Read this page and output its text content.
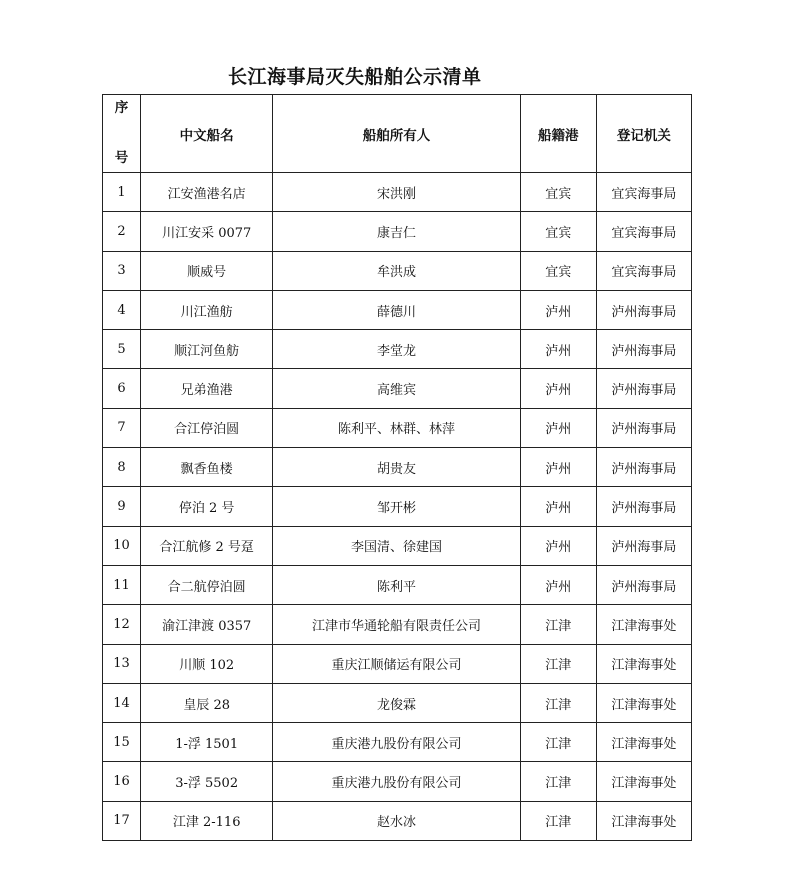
长江海事局灭失船舶公示清单
序

号	中文船名	船舶所有人	船籍港	登记机关
1	江安渔港名店	宋洪刚	宜宾	宜宾海事局
2	川江安采 0077	康吉仁	宜宾	宜宾海事局
3	顺威号	牟洪成	宜宾	宜宾海事局
4	川江渔舫	薛德川	泸州	泸州海事局
5	顺江河鱼舫	李堂龙	泸州	泸州海事局
6	兄弟渔港	高维宾	泸州	泸州海事局
7	合江停泊圆	陈利平、林群、林萍	泸州	泸州海事局
8	飘香鱼楼	胡贵友	泸州	泸州海事局
9	停泊 2 号	邹开彬	泸州	泸州海事局
10	合江航修 2 号趸	李国清、徐建国	泸州	泸州海事局
11	合二航停泊圆	陈利平	泸州	泸州海事局
12	渝江津渡 0357	江津市华通轮船有限责任公司	江津	江津海事处
13	川顺 102	重庆江顺储运有限公司	江津	江津海事处
14	皇辰 28	龙俊霖	江津	江津海事处
15	1-浮 1501	重庆港九股份有限公司	江津	江津海事处
16	3-浮 5502	重庆港九股份有限公司	江津	江津海事处
17	江津 2-116	赵水冰	江津	江津海事处
